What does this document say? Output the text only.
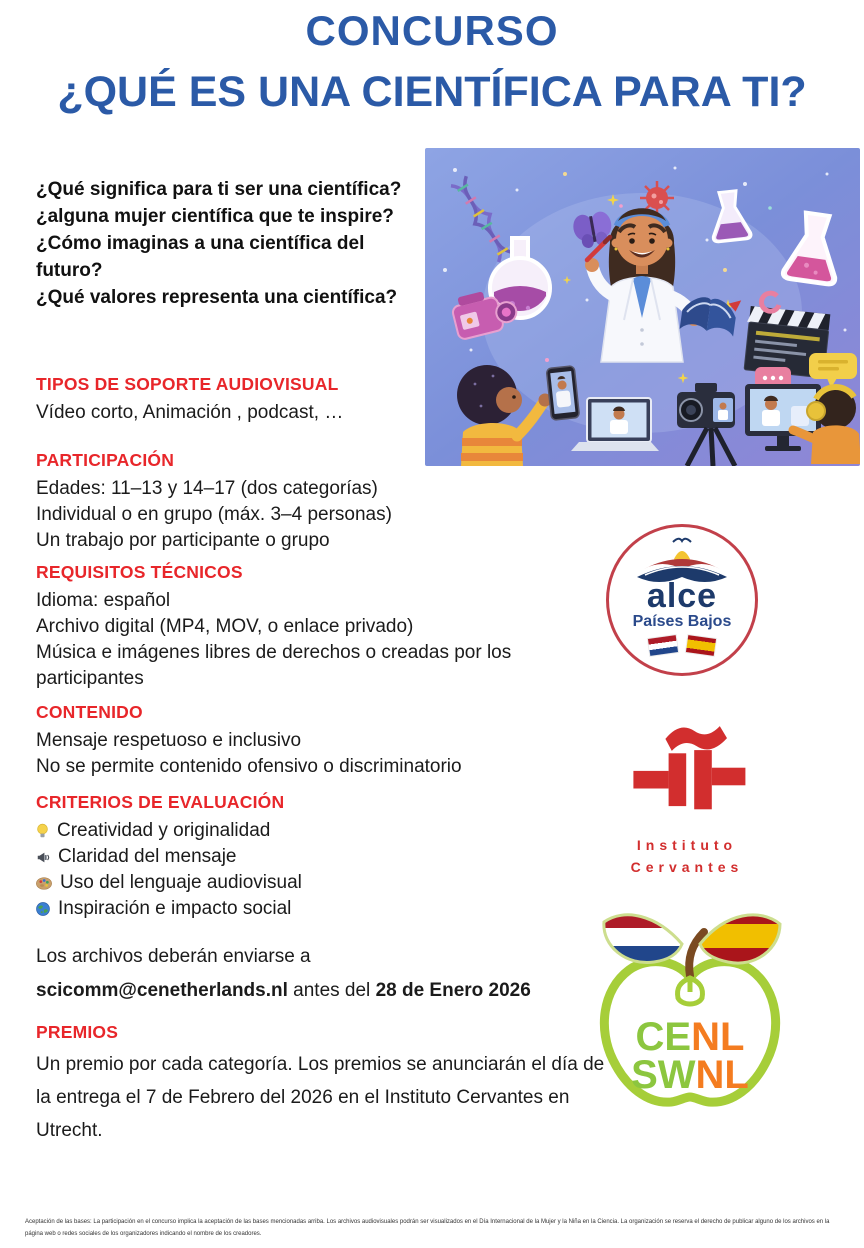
CONCURSO
¿QUÉ ES UNA CIENTÍFICA PARA TI?
¿Qué significa para ti ser una científica?
¿alguna mujer científica que te inspire?
¿Cómo imaginas a una científica del futuro?
¿Qué valores representa una científica?
TIPOS DE SOPORTE AUDIOVISUAL
Vídeo corto, Animación , podcast, …
PARTICIPACIÓN
Edades: 11–13 y 14–17 (dos categorías)
Individual o en grupo (máx. 3–4 personas)
Un trabajo por participante o grupo
REQUISITOS TÉCNICOS
Idioma: español
Archivo digital (MP4, MOV, o enlace privado)
Música e imágenes libres de derechos o creadas por los participantes
CONTENIDO
Mensaje respetuoso e inclusivo
No se permite contenido ofensivo o discriminatorio
CRITERIOS DE EVALUACIÓN
Creatividad y originalidad
Claridad del mensaje
Uso del lenguaje audiovisual
Inspiración e impacto social
Los archivos deberán enviarse a
scicomm@cenetherlands.nl antes del 28 de Enero 2026
PREMIOS
Un premio por cada categoría. Los premios se anunciarán el día de la entrega el 7 de Febrero del 2026 en el Instituto Cervantes en Utrecht.
alce
Países Bajos
Instituto
Cervantes
CENL
SWNL
Aceptación de las bases: La participación en el concurso implica la aceptación de las bases mencionadas arriba. Los archivos audiovisuales podrán ser visualizados en el Día Internacional de la Mujer y la Niña en la Ciencia. La organización se reserva el derecho de publicar alguno de los archivos en la página web o redes sociales de los organizadores indicando el nombre de los creadores.
